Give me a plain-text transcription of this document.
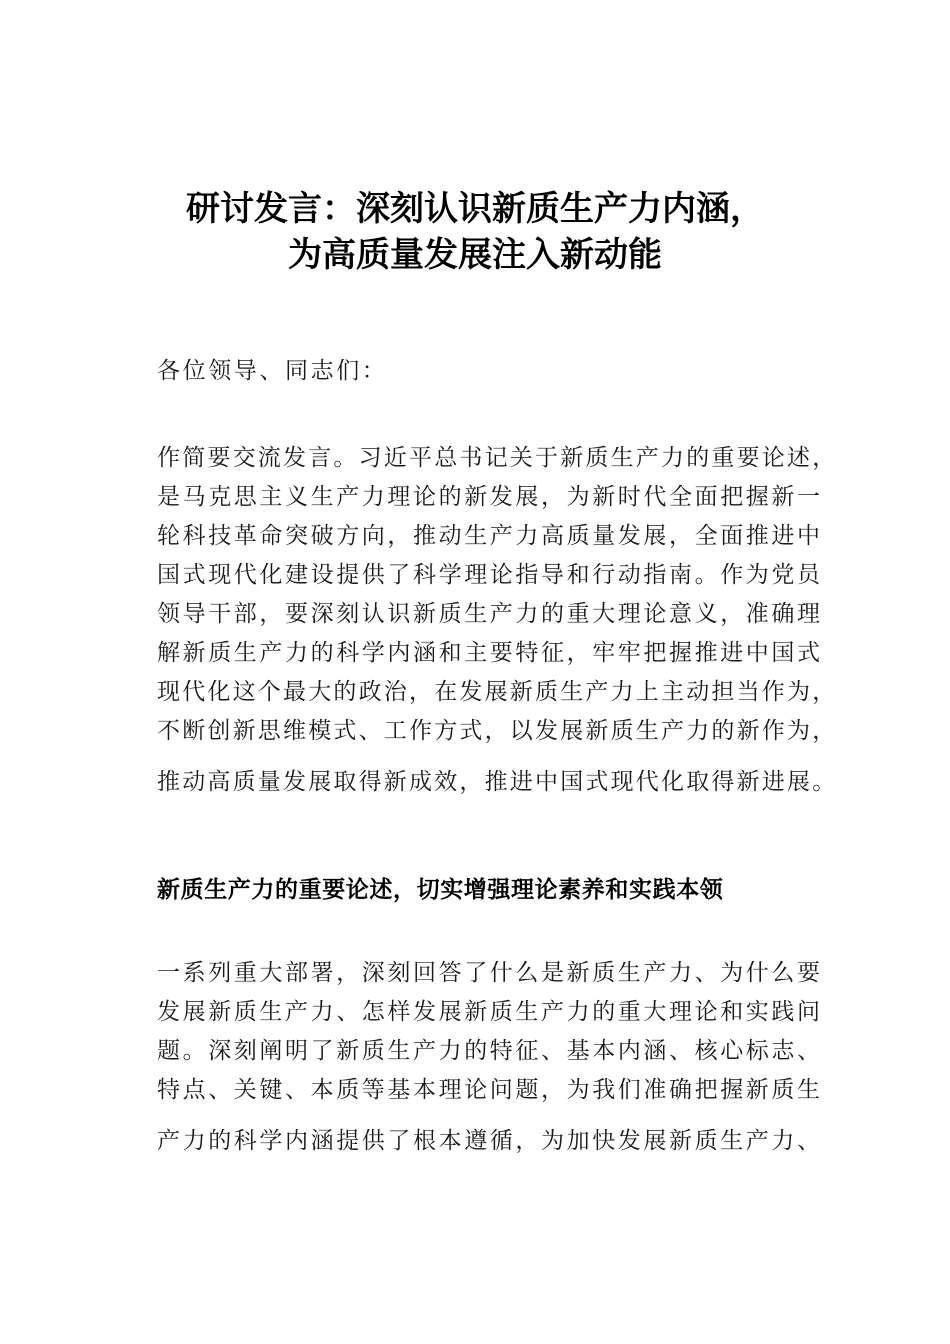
研讨发言：深刻认识新质生产力内涵，
为高质量发展注入新动能
各位领导、同志们：
作简要交流发言。习近平总书记关于新质生产力的重要论述，
是马克思主义生产力理论的新发展，为新时代全面把握新一
轮科技革命突破方向，推动生产力高质量发展，全面推进中
国式现代化建设提供了科学理论指导和行动指南。作为党员
领导干部，要深刻认识新质生产力的重大理论意义，准确理
解新质生产力的科学内涵和主要特征，牢牢把握推进中国式
现代化这个最大的政治，在发展新质生产力上主动担当作为，
不断创新思维模式、工作方式，以发展新质生产力的新作为，
推动高质量发展取得新成效，推进中国式现代化取得新进展。
新质生产力的重要论述，切实增强理论素养和实践本领
一系列重大部署，深刻回答了什么是新质生产力、为什么要
发展新质生产力、怎样发展新质生产力的重大理论和实践问
题。深刻阐明了新质生产力的特征、基本内涵、核心标志、
特点、关键、本质等基本理论问题，为我们准确把握新质生
产力的科学内涵提供了根本遵循，为加快发展新质生产力、
